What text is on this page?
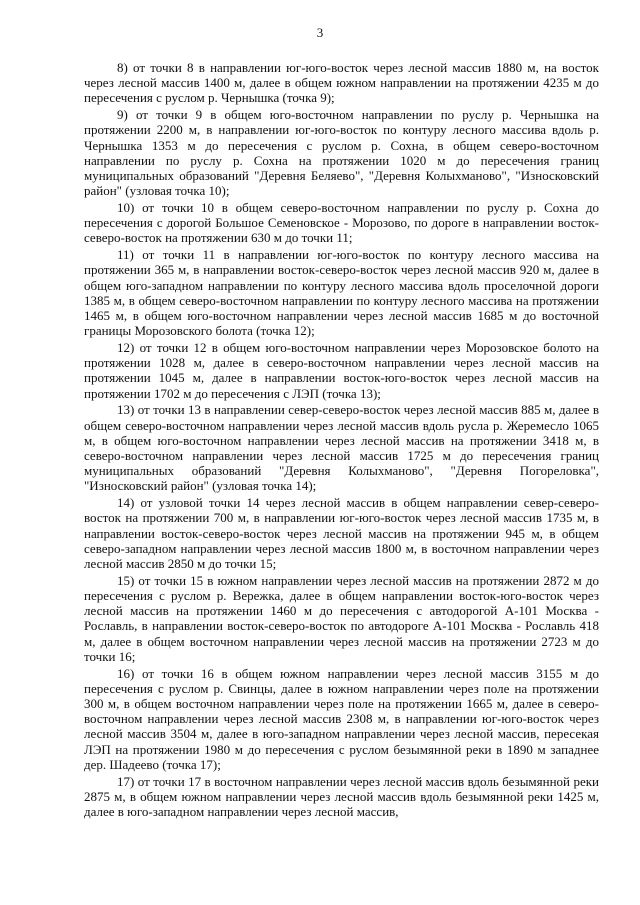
3

8) от точки 8 в направлении юг-юго-восток через лесной массив 1880 м, на восток через лесной массив 1400 м, далее в общем южном направлении на протяжении 4235 м до пересечения с руслом р. Чернышка (точка 9);

9) от точки 9 в общем юго-восточном направлении по руслу р. Чернышка на протяжении 2200 м, в направлении юг-юго-восток по контуру лесного массива вдоль р. Чернышка 1353 м до пересечения с руслом р. Сохна, в общем северо-восточном направлении по руслу р. Сохна на протяжении 1020 м до пересечения границ муниципальных образований "Деревня Беляево", "Деревня Колыхманово", "Износковский район" (узловая точка 10);

10) от точки 10 в общем северо-восточном направлении по руслу р. Сохна до пересечения с дорогой Большое Семеновское - Морозово, по дороге в направлении восток-северо-восток на протяжении 630 м до точки 11;

11) от точки 11 в направлении юг-юго-восток по контуру лесного массива на протяжении 365 м, в направлении восток-северо-восток через лесной массив 920 м, далее в общем юго-западном направлении по контуру лесного массива вдоль проселочной дороги 1385 м, в общем северо-восточном направлении по контуру лесного массива на протяжении 1465 м, в общем юго-восточном направлении через лесной массив 1685 м до восточной границы Морозовского болота (точка 12);

12) от точки 12 в общем юго-восточном направлении через Морозовское болото на протяжении 1028 м, далее в северо-восточном направлении через лесной массив на протяжении 1045 м, далее в направлении восток-юго-восток через лесной массив на протяжении 1702 м до пересечения с ЛЭП (точка 13);

13) от точки 13 в направлении север-северо-восток через лесной массив 885 м, далее в общем северо-восточном направлении через лесной массив вдоль русла р. Жеремесло 1065 м, в общем юго-восточном направлении через лесной массив на протяжении 3418 м, в северо-восточном направлении через лесной массив 1725 м до пересечения границ муниципальных образований "Деревня Колыхманово", "Деревня Погореловка", "Износковский район" (узловая точка 14);

14) от узловой точки 14 через лесной массив в общем направлении север-северо-восток на протяжении 700 м, в направлении юг-юго-восток через лесной массив 1735 м, в направлении восток-северо-восток через лесной массив на протяжении 945 м, в общем северо-западном направлении через лесной массив 1800 м, в восточном направлении через лесной массив 2850 м до точки 15;

15) от точки 15 в южном направлении через лесной массив на протяжении 2872 м до пересечения с руслом р. Вережка, далее в общем направлении восток-юго-восток через лесной массив на протяжении 1460 м до пересечения с автодорогой А-101 Москва - Рославль, в направлении восток-северо-восток по автодороге А-101 Москва - Рославль 418 м, далее в общем восточном направлении через лесной массив на протяжении 2723 м до точки 16;

16) от точки 16 в общем южном направлении через лесной массив 3155 м до пересечения с руслом р. Свинцы, далее в южном направлении через поле на протяжении 300 м, в общем восточном направлении через поле на протяжении 1665 м, далее в северо-восточном направлении через лесной массив 2308 м, в направлении юг-юго-восток через лесной массив 3504 м, далее в юго-западном направлении через лесной массив, пересекая ЛЭП на протяжении 1980 м до пересечения с руслом безымянной реки в 1890 м западнее дер. Шадеево (точка 17);

17) от точки 17 в восточном направлении через лесной массив вдоль безымянной реки 2875 м, в общем южном направлении через лесной массив вдоль безымянной реки 1425 м, далее в юго-западном направлении через лесной массив,
